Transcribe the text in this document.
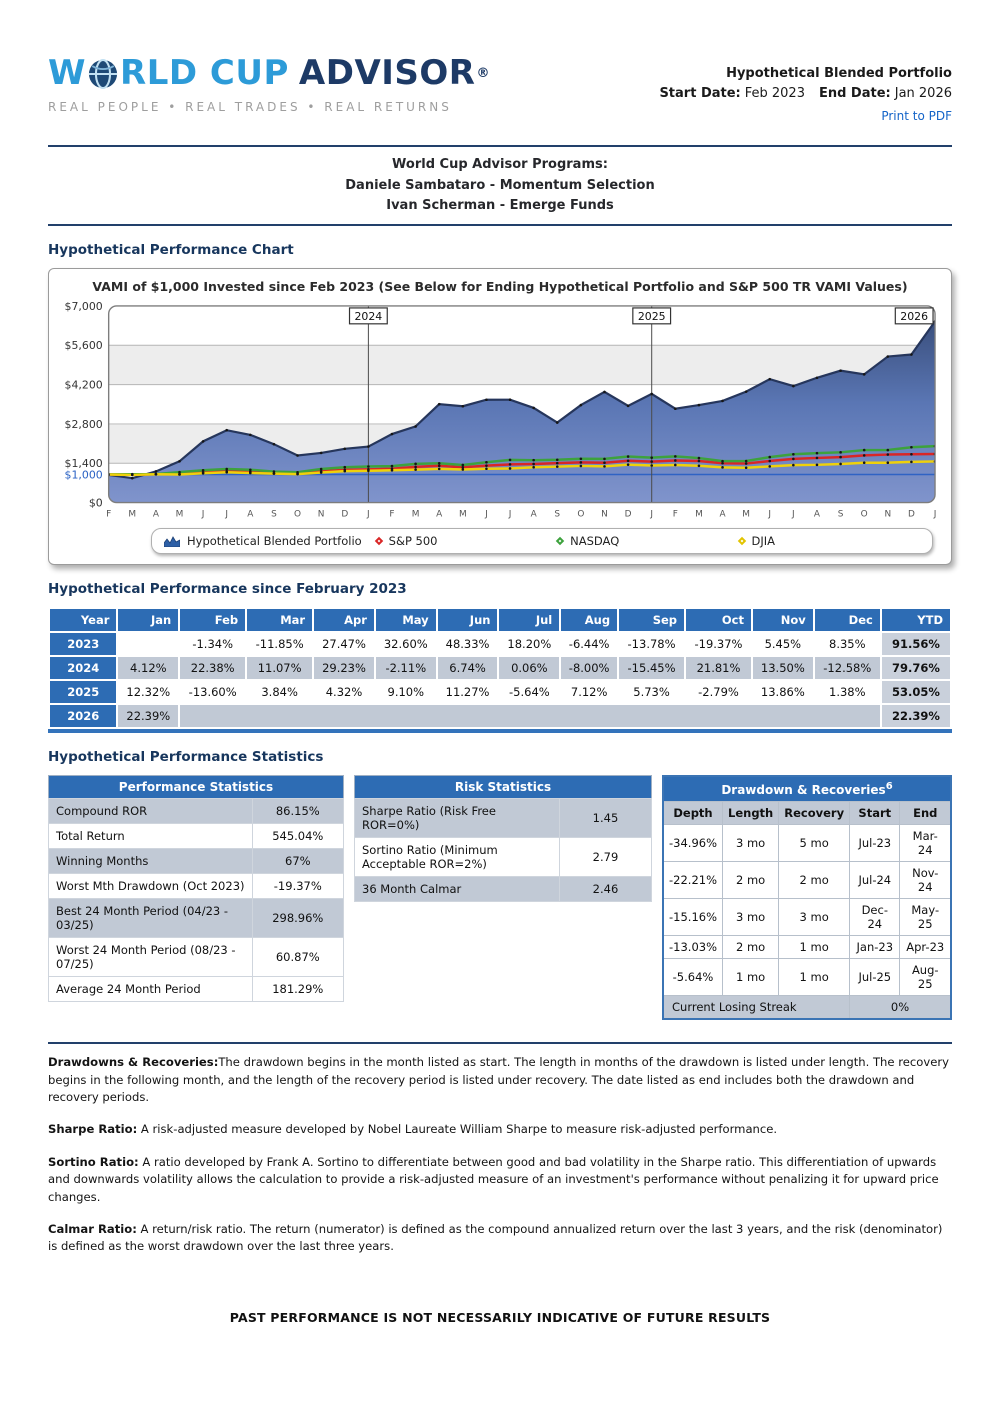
W RLD CUP ADVISOR ®
REAL PEOPLE • REAL TRADES • REAL RETURNS
Hypothetical Blended Portfolio
Start Date: Feb 2023 End Date: Jan 2026
Print to PDF
World Cup Advisor Programs:
Daniele Sambataro - Momentum Selection
Ivan Scherman - Emerge Funds
Hypothetical Performance Chart
VAMI of $1,000 Invested since Feb 2023 (See Below for Ending Hypothetical Portfolio and S&P 500 TR VAMI Values)
2024	2025	2026
$7,000
$5,600
$4,200
$2,800
$1,400
$1,000
$0
F M A M J J A S O N D J F M A M J J A S O N D J F M A M J J A S O N D J
Hypothetical Blended Portfolio S&P 500	NASDAQ	DJIA
Hypothetical Performance since February 2023
Year	Jan	Feb	Mar	Apr	May	Jun	Jul	Aug	Sep	Oct	Nov	Dec	YTD
2023		-1.34%	-11.85%	27.47%	32.60%	48.33%	18.20%	-6.44%	-13.78%	-19.37%	5.45%	8.35%	91.56%
2024	4.12%	22.38%	11.07%	29.23%	-2.11%	6.74%	0.06%	-8.00%	-15.45%	21.81%	13.50%	-12.58%	79.76%
2025	12.32%	-13.60%	3.84%	4.32%	9.10%	11.27%	-5.64%	7.12%	5.73%	-2.79%	13.86%	1.38%	53.05%
2026	22.39%												22.39%
Hypothetical Performance Statistics
Performance Statistics	
Compound ROR	86.15%
Total Return	545.04%
Winning Months	67%
Worst Mth Drawdown (Oct 2023)	-19.37%
Best 24 Month Period (04/23 - 03/25)	298.96%
Worst 24 Month Period (08/23 - 07/25)	60.87%
Average 24 Month Period	181.29%
Risk Statistics	
Sharpe Ratio (Risk Free ROR=0%)	1.45
Sortino Ratio (Minimum Acceptable ROR=2%)	2.79
36 Month Calmar	2.46
Drawdown & Recoveries$^6$
Depth	Length	Recovery	Start	End
-34.96%	3 mo	5 mo	Jul-23	Mar-24
-22.21%	2 mo	2 mo	Jul-24	Nov-24
-15.16%	3 mo	3 mo	Dec-24	May-25
-13.03%	2 mo	1 mo	Jan-23	Apr-23
-5.64%	1 mo	1 mo	Jul-25	Aug-25
Current Losing Streak			0%	

Drawdowns & Recoveries:The drawdown begins in the month listed as start. The length in months of the drawdown is listed under length. The recovery begins in the following month, and the length of the recovery period is listed under recovery. The date listed as end includes both the drawdown and recovery periods.

Sharpe Ratio: A risk-adjusted measure developed by Nobel Laureate William Sharpe to measure risk-adjusted performance.

Sortino Ratio: A ratio developed by Frank A. Sortino to differentiate between good and bad volatility in the Sharpe ratio. This differentiation of upwards and downwards volatility allows the calculation to provide a risk-adjusted measure of an investment's performance without penalizing it for upward price changes.

Calmar Ratio: A return/risk ratio. The return (numerator) is defined as the compound annualized return over the last 3 years, and the risk (denominator) is defined as the worst drawdown over the last three years.

PAST PERFORMANCE IS NOT NECESSARILY INDICATIVE OF FUTURE RESULTS
